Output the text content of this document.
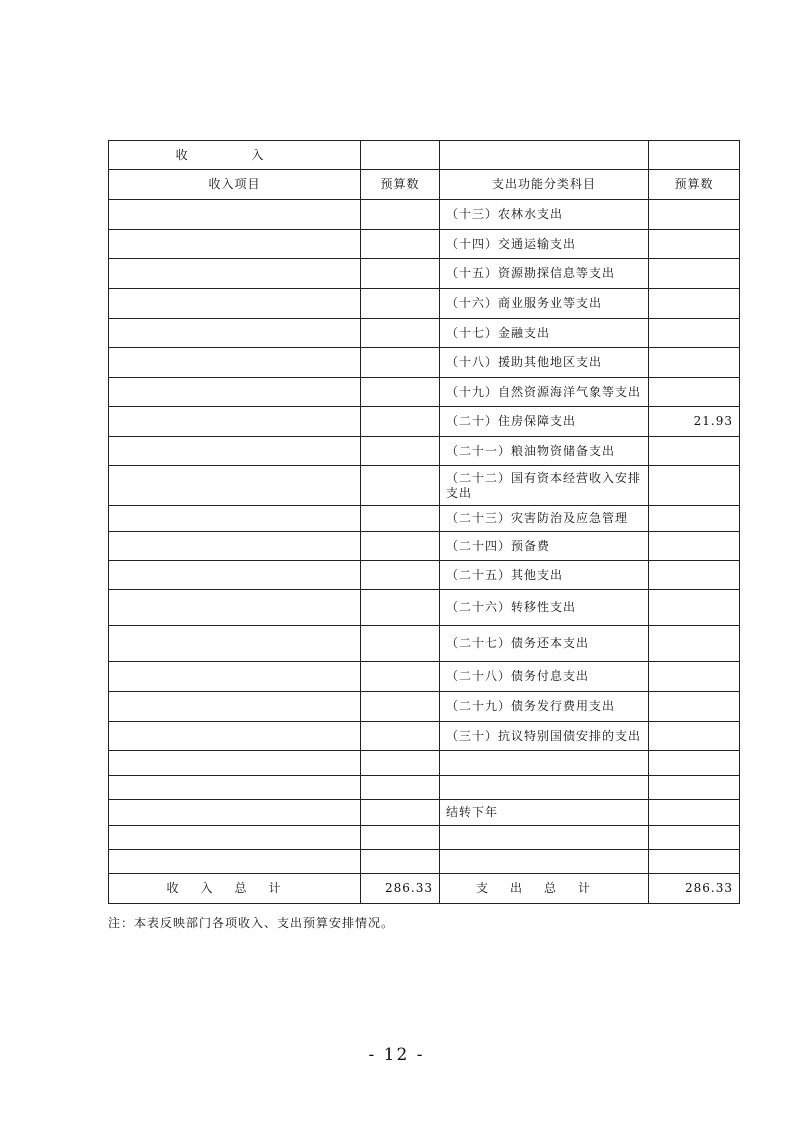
收 入			
收入项目	预算数	支出功能分类科目	预算数
		（十三）农林水支出	
		（十四）交通运输支出	
		（十五）资源勘探信息等支出	
		（十六）商业服务业等支出	
		（十七）金融支出	
		（十八）援助其他地区支出	
		（十九）自然资源海洋气象等支出	
		（二十）住房保障支出	21.93
		（二十一）粮油物资储备支出	
		（二十二）国有资本经营收入安排支出	
		（二十三）灾害防治及应急管理	
		（二十四）预备费	
		（二十五）其他支出	
		（二十六）转移性支出	
		（二十七）债务还本支出	
		（二十八）债务付息支出	
		（二十九）债务发行费用支出	
		（三十）抗议特别国债安排的支出	

		结转下年	

收入总计	286.33	支出总计	286.33
注：本表反映部门各项收入、支出预算安排情况。
- 12 -
